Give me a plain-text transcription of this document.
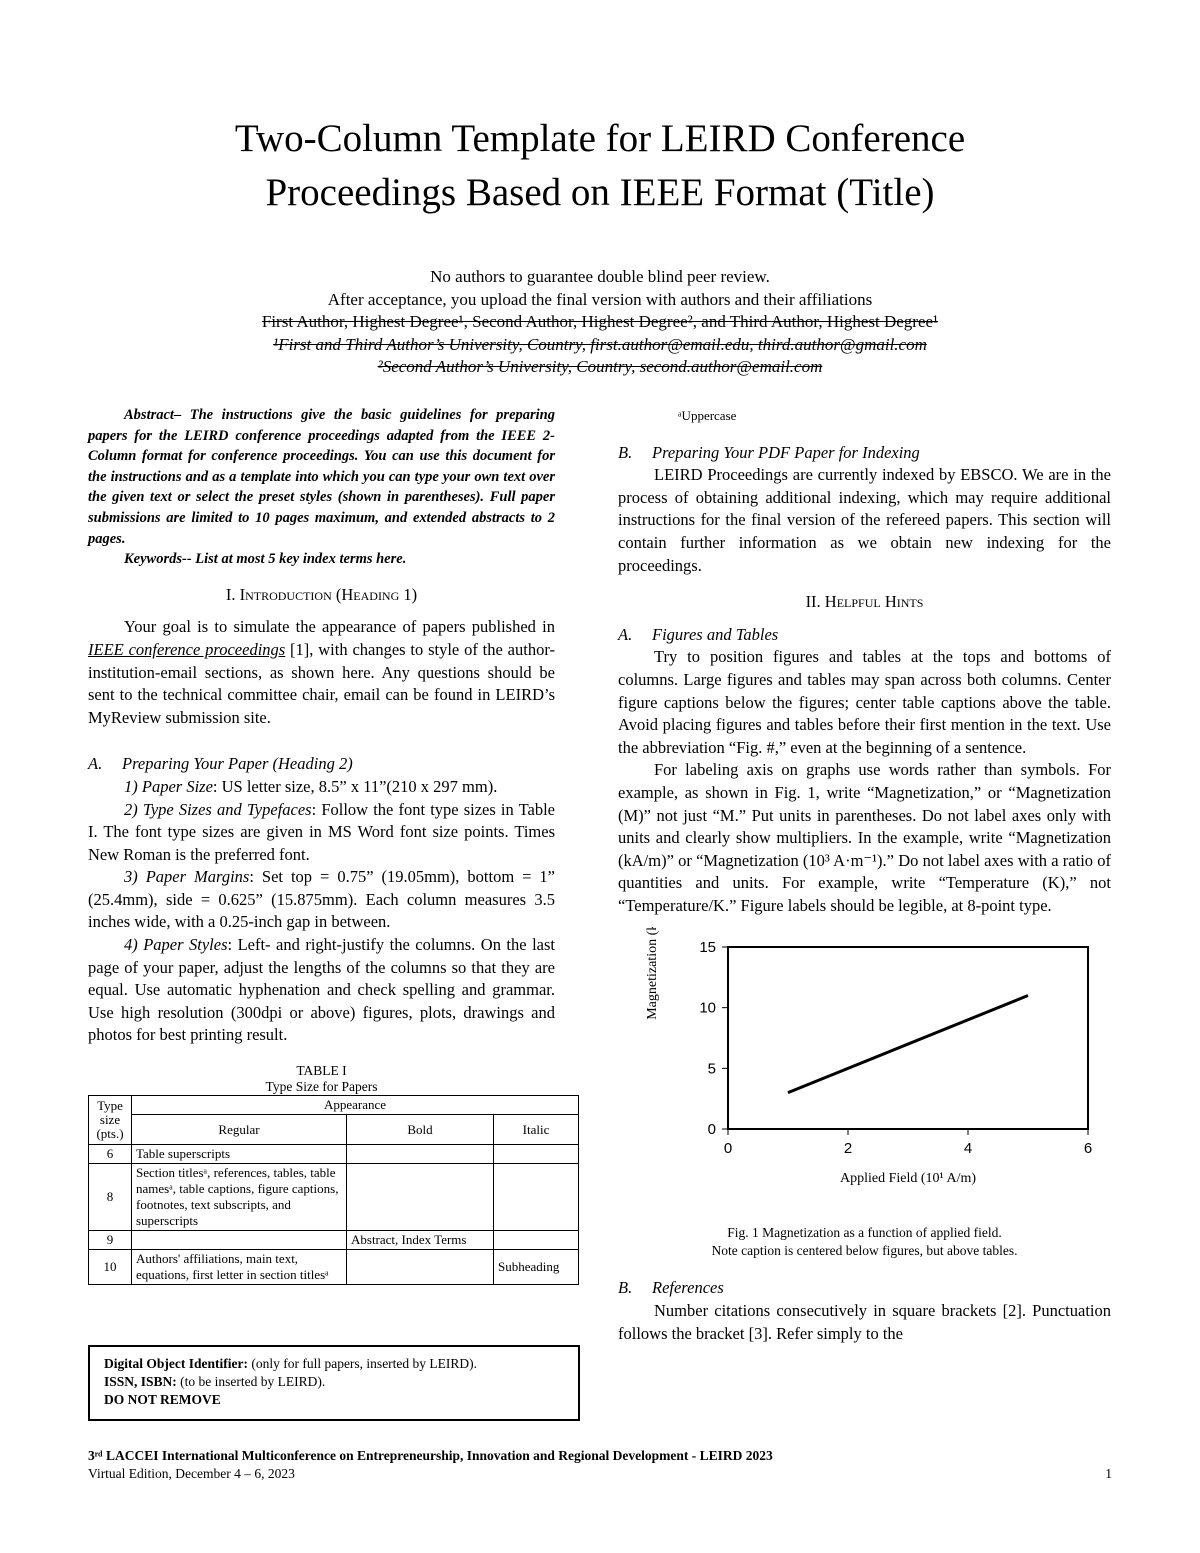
Two-Column Template for LEIRD Conference
Proceedings Based on IEEE Format (Title)
No authors to guarantee double blind peer review.
After acceptance, you upload the final version with authors and their affiliations
First Author, Highest Degree¹, Second Author, Highest Degree², and Third Author, Highest Degree¹
¹First and Third Author’s University, Country, first.author@email.edu, third.author@gmail.com
²Second Author’s University, Country, second.author@email.com

Abstract– The instructions give the basic guidelines for preparing papers for the LEIRD conference proceedings adapted from the IEEE 2-Column format for conference proceedings. You can use this document for the instructions and as a template into which you can type your own text over the given text or select the preset styles (shown in parentheses). Full paper submissions are limited to 10 pages maximum, and extended abstracts to 2 pages.

Keywords-- List at most 5 key index terms here.

I. Introduction (Heading 1)

Your goal is to simulate the appearance of papers published in IEEE conference proceedings [1], with changes to style of the author-institution-email sections, as shown here. Any questions should be sent to the technical committee chair, email can be found in LEIRD’s MyReview submission site.

A. Preparing Your Paper (Heading 2)

1) Paper Size: US letter size, 8.5” x 11”(210 x 297 mm).

2) Type Sizes and Typefaces: Follow the font type sizes in Table I. The font type sizes are given in MS Word font size points. Times New Roman is the preferred font.

3) Paper Margins: Set top = 0.75” (19.05mm), bottom = 1” (25.4mm), side = 0.625” (15.875mm). Each column measures 3.5 inches wide, with a 0.25-inch gap in between.

4) Paper Styles: Left- and right-justify the columns. On the last page of your paper, adjust the lengths of the columns so that they are equal. Use automatic hyphenation and check spelling and grammar. Use high resolution (300dpi or above) figures, plots, drawings and photos for best printing result.

TABLE I
Type Size for Papers
Type size (pts.)	Appearance		
	Regular	Bold	Italic
6	Table superscripts		
8	Section titlesᵃ, references, tables, table namesᵃ, table captions, figure captions, footnotes, text subscripts, and superscripts		
9		Abstract, Index Terms	
10	Authors' affiliations, main text, equations, first letter in section titlesᵃ		Subheading
Digital Object Identifier: (only for full papers, inserted by LEIRD).
ISSN, ISBN: (to be inserted by LEIRD).
DO NOT REMOVE
ᵃUppercase
B. Preparing Your PDF Paper for Indexing

LEIRD Proceedings are currently indexed by EBSCO. We are in the process of obtaining additional indexing, which may require additional instructions for the final version of the refereed papers. This section will contain further information as we obtain new indexing for the proceedings.

II. Helpful Hints
A. Figures and Tables

Try to position figures and tables at the tops and bottoms of columns. Large figures and tables may span across both columns. Center figure captions below the figures; center table captions above the table. Avoid placing figures and tables before their first mention in the text. Use the abbreviation “Fig. #,” even at the beginning of a sentence.

For labeling axis on graphs use words rather than symbols. For example, as shown in Fig. 1, write “Magnetization,” or “Magnetization (M)” not just “M.” Put units in parentheses. Do not label axes only with units and clearly show multipliers. In the example, write “Magnetization (kA/m)” or “Magnetization (10³ A·m⁻¹).” Do not label axes with a ratio of quantities and units. For example, write “Temperature (K),” not “Temperature/K.” Figure labels should be legible, at 8-point type.

0
5
10
15
0	2	4	6
Applied Field (10¹ A/m)
Magnetization (kA/m)
Fig. 1 Magnetization as a function of applied field.
Note caption is centered below figures, but above tables.
B. References

Number citations consecutively in square brackets [2]. Punctuation follows the bracket [3]. Refer simply to the

3ʳᵈ LACCEI International Multiconference on Entrepreneurship, Innovation and Regional Development - LEIRD 2023
Virtual Edition, December 4 – 6, 2023	1
